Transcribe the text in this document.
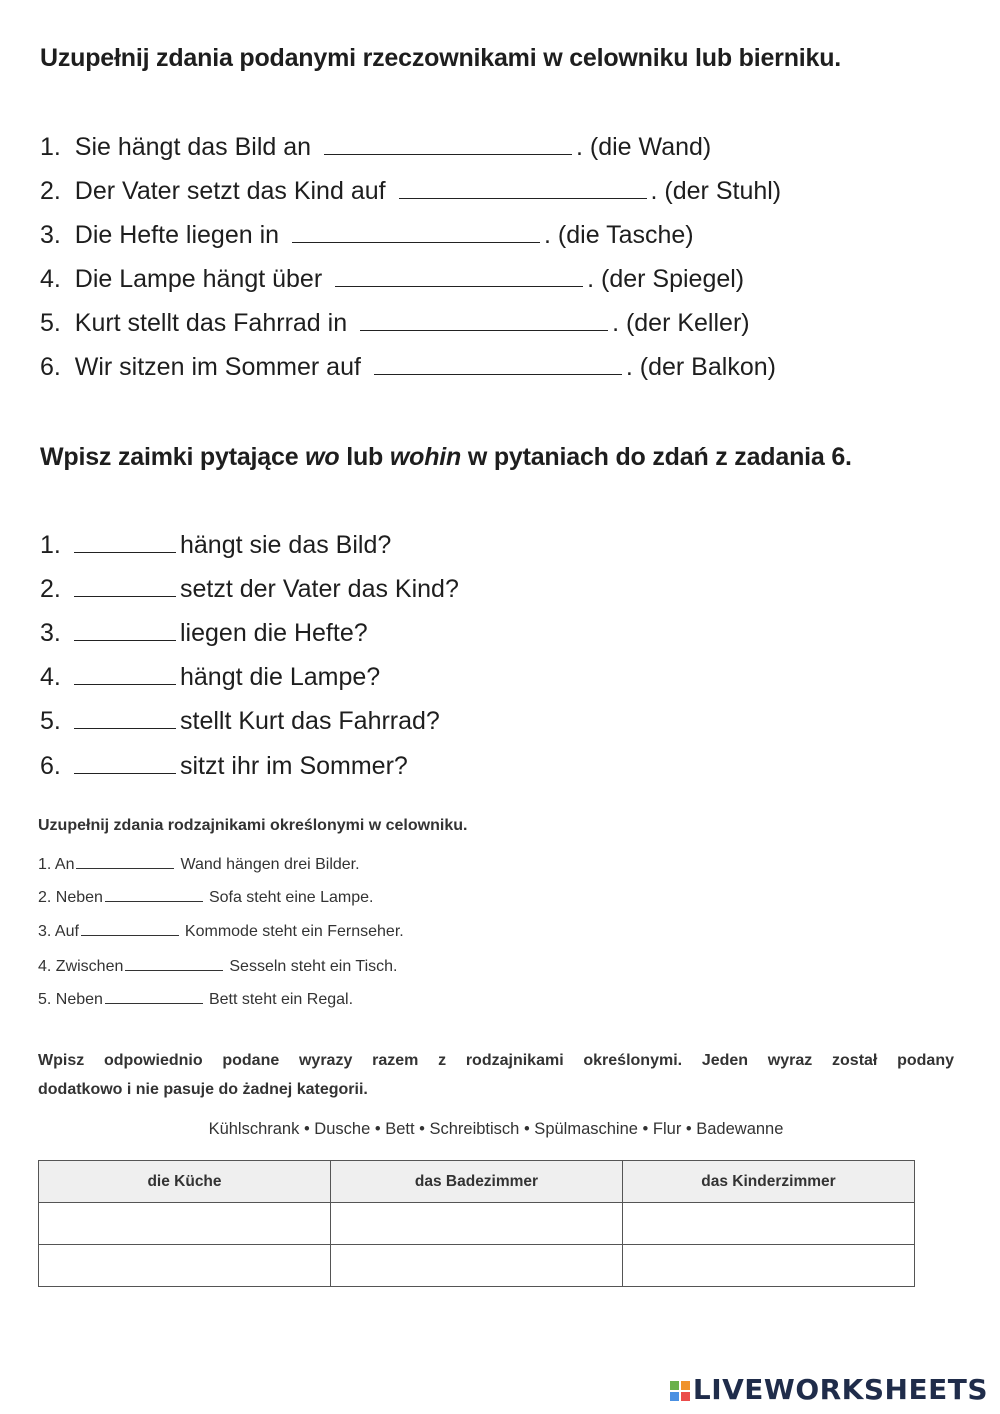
Uzupełnij zdania podanymi rzeczownikami w celowniku lub bierniku.
1. Sie hängt das Bild an	. (die Wand)
2. Der Vater setzt das Kind auf	. (der Stuhl)
3. Die Hefte liegen in	. (die Tasche)
4. Die Lampe hängt über	. (der Spiegel)
5. Kurt stellt das Fahrrad in	. (der Keller)
6. Wir sitzen im Sommer auf	. (der Balkon)
Wpisz zaimki pytające wo lub wohin w pytaniach do zdań z zadania 6.
1.	hängt sie das Bild?
2.	setzt der Vater das Kind?
3.	liegen die Hefte?
4.	hängt die Lampe?
5.	stellt Kurt das Fahrrad?
6.	sitzt ihr im Sommer?
Uzupełnij zdania rodzajnikami określonymi w celowniku.
1. An	Wand hängen drei Bilder.
2. Neben	Sofa steht eine Lampe.
3. Auf	Kommode steht ein Fernseher.
4. Zwischen	Sesseln steht ein Tisch.
5. Neben	Bett steht ein Regal.
Wpisz odpowiednio podane wyrazy razem z rodzajnikami określonymi. Jeden wyraz został podany
dodatkowo i nie pasuje do żadnej kategorii.
Kühlschrank • Dusche • Bett • Schreibtisch • Spülmaschine • Flur • Badewanne
die Küche	das Badezimmer	das Kinderzimmer

LIVEWORKSHEETS
